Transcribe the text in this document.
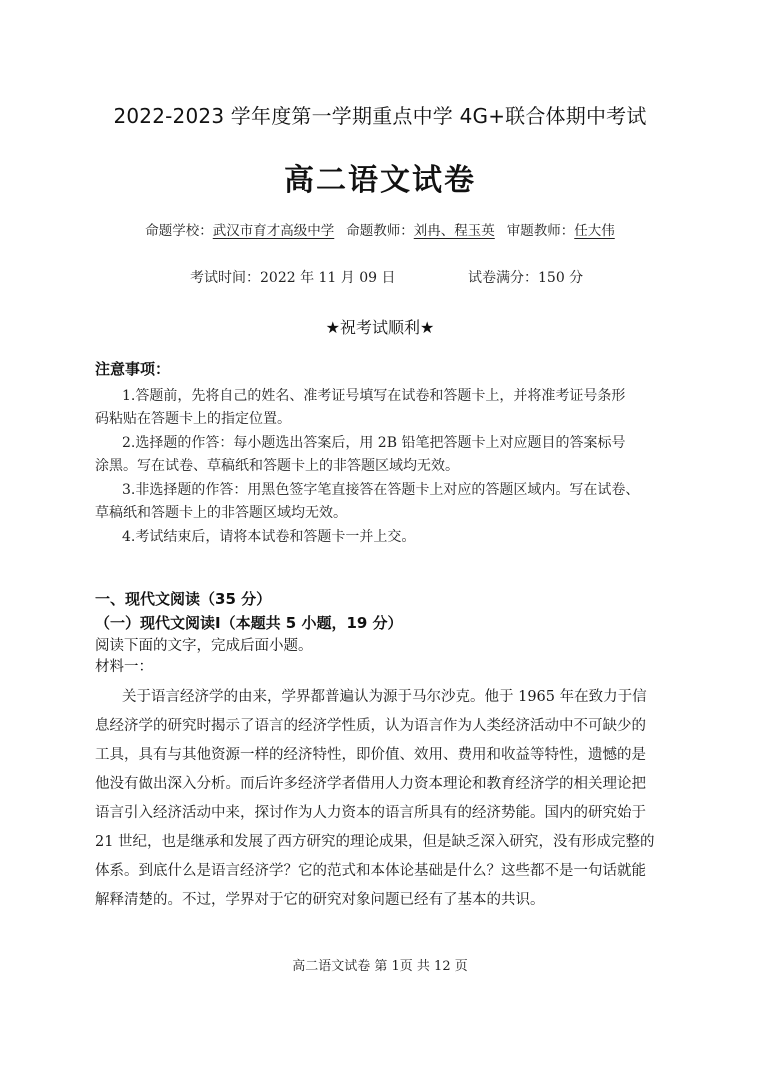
2022-2023 学年度第一学期重点中学 4G+联合体期中考试
高二语文试卷
命题学校：武汉市育才高级中学 命题教师：刘冉、程玉英 审题教师：任大伟
考试时间：2022 年 11 月 09 日	试卷满分：150 分
★祝考试顺利★
注意事项：
1.答题前，先将自己的姓名、准考证号填写在试卷和答题卡上，并将准考证号条形
码粘贴在答题卡上的指定位置。
2.选择题的作答：每小题选出答案后，用 2B 铅笔把答题卡上对应题目的答案标号
涂黑。写在试卷、草稿纸和答题卡上的非答题区域均无效。
3.非选择题的作答：用黑色签字笔直接答在答题卡上对应的答题区域内。写在试卷、
草稿纸和答题卡上的非答题区域均无效。
4.考试结束后，请将本试卷和答题卡一并上交。
一、现代文阅读（35 分）
（一）现代文阅读Ⅰ（本题共 5 小题，19 分）
阅读下面的文字，完成后面小题。
材料一：
关于语言经济学的由来，学界都普遍认为源于马尔沙克。他于 1965 年在致力于信
息经济学的研究时揭示了语言的经济学性质，认为语言作为人类经济活动中不可缺少的
工具，具有与其他资源一样的经济特性，即价值、效用、费用和收益等特性，遗憾的是
他没有做出深入分析。而后许多经济学者借用人力资本理论和教育经济学的相关理论把
语言引入经济活动中来，探讨作为人力资本的语言所具有的经济势能。国内的研究始于
21 世纪，也是继承和发展了西方研究的理论成果，但是缺乏深入研究，没有形成完整的
体系。到底什么是语言经济学？它的范式和本体论基础是什么？这些都不是一句话就能
解释清楚的。不过，学界对于它的研究对象问题已经有了基本的共识。
高二语文试卷 第 1页 共 12 页
